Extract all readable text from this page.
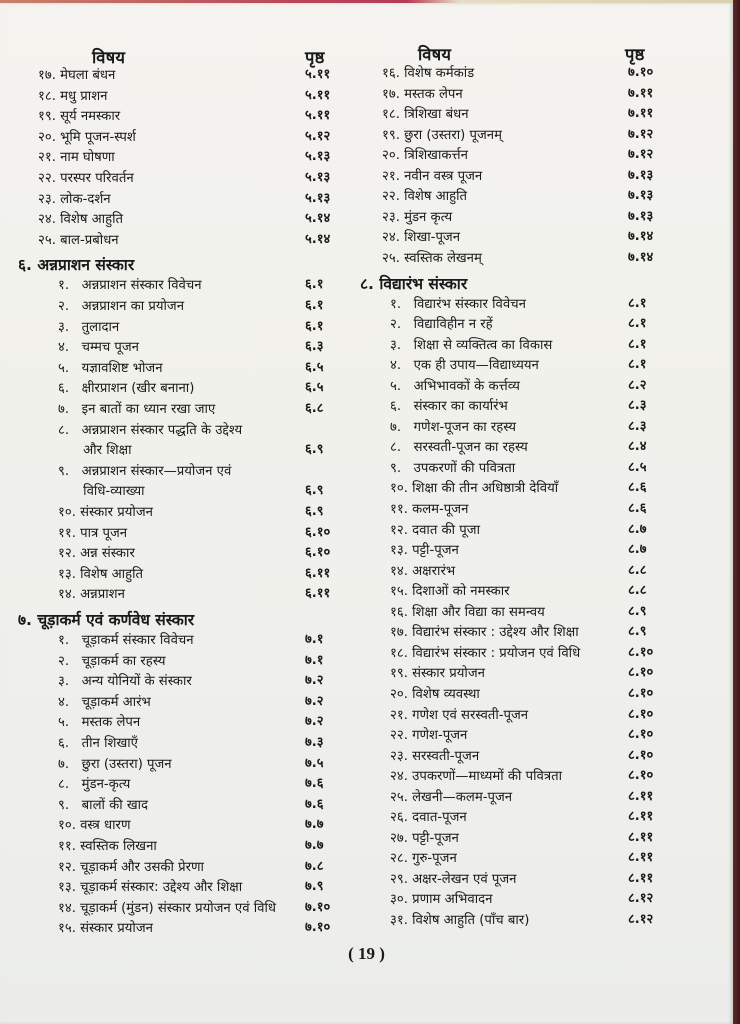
विषय	पृष्ठ
१७. मेघला बंधन	५.११
१८. मधु प्राशन	५.११
१९. सूर्य नमस्कार	५.११
२०. भूमि पूजन-स्पर्श	५.१२
२१. नाम घोषणा	५.१३
२२. परस्पर परिवर्तन	५.१३
२३. लोक-दर्शन	५.१३
२४. विशेष आहुति	५.१४
२५. बाल-प्रबोधन	५.१४
६. अन्नप्राशन संस्कार
१.   अन्नप्राशन संस्कार विवेचन	६.१
२.   अन्नप्राशन का प्रयोजन	६.१
३.   तुलादान	६.१
४.   चम्मच पूजन	६.३
५.   यज्ञावशिष्ट भोजन	६.५
६.   क्षीरप्राशन (खीर बनाना)	६.५
७.   इन बातों का ध्यान रखा जाए	६.८
८.   अन्नप्राशन संस्कार पद्धति के उद्देश्य
और शिक्षा	६.९
९.   अन्नप्राशन संस्कार—प्रयोजन एवं
विधि-व्याख्या	६.९
१०. संस्कार प्रयोजन	६.९
११. पात्र पूजन	६.१०
१२. अन्न संस्कार	६.१०
१३. विशेष आहुति	६.११
१४. अन्नप्राशन	६.११
७. चूड़ाकर्म एवं कर्णवेध संस्कार
१.   चूड़ाकर्म संस्कार विवेचन	७.१
२.   चूड़ाकर्म का रहस्य	७.१
३.   अन्य योनियों के संस्कार	७.२
४.   चूड़ाकर्म आरंभ	७.२
५.   मस्तक लेपन	७.२
६.   तीन शिखाएँ	७.३
७.   छुरा (उस्तरा) पूजन	७.५
८.   मुंडन-कृत्य	७.६
९.   बालों की खाद	७.६
१०. वस्त्र धारण	७.७
११. स्वस्तिक लिखना	७.७
१२. चूड़ाकर्म और उसकी प्रेरणा	७.८
१३. चूड़ाकर्म संस्कार: उद्देश्य और शिक्षा	७.९
१४. चूड़ाकर्म (मुंडन) संस्कार प्रयोजन एवं विधि ७.१०
१५. संस्कार प्रयोजन	७.१०
विषय	पृष्ठ
१६. विशेष कर्मकांड	७.१०
१७. मस्तक लेपन	७.११
१८. त्रिशिखा बंधन	७.११
१९. छुरा (उस्तरा) पूजनम्	७.१२
२०. त्रिशिखाकर्त्तन	७.१२
२१. नवीन वस्त्र पूजन	७.१३
२२. विशेष आहुति	७.१३
२३. मुंडन कृत्य	७.१३
२४. शिखा-पूजन	७.१४
२५. स्वस्तिक लेखनम्	७.१४
८. विद्यारंभ संस्कार
१.   विद्यारंभ संस्कार विवेचन	८.१
२.   विद्याविहीन न रहें	८.१
३.   शिक्षा से व्यक्तित्व का विकास	८.१
४.   एक ही उपाय—विद्याध्ययन	८.१
५.   अभिभावकों के कर्त्तव्य	८.२
६.   संस्कार का कार्यारंभ	८.३
७.   गणेश-पूजन का रहस्य	८.३
८.   सरस्वती-पूजन का रहस्य	८.४
९.   उपकरणों की पवित्रता	८.५
१०. शिक्षा की तीन अधिष्ठात्री देवियाँ	८.६
११. कलम-पूजन	८.६
१२. दवात की पूजा	८.७
१३. पट्टी-पूजन	८.७
१४. अक्षरारंभ	८.८
१५. दिशाओं को नमस्कार	८.८
१६. शिक्षा और विद्या का समन्वय	८.९
१७. विद्यारंभ संस्कार : उद्देश्य और शिक्षा	८.९
१८. विद्यारंभ संस्कार : प्रयोजन एवं विधि	८.१०
१९. संस्कार प्रयोजन	८.१०
२०. विशेष व्यवस्था	८.१०
२१. गणेश एवं सरस्वती-पूजन	८.१०
२२. गणेश-पूजन	८.१०
२३. सरस्वती-पूजन	८.१०
२४. उपकरणों—माध्यमों की पवित्रता	८.१०
२५. लेखनी—कलम-पूजन	८.११
२६. दवात-पूजन	८.११
२७. पट्टी-पूजन	८.११
२८. गुरु-पूजन	८.११
२९. अक्षर-लेखन एवं पूजन	८.११
३०. प्रणाम अभिवादन	८.१२
३१. विशेष आहुति (पाँच बार)	८.१२
( 19 )
